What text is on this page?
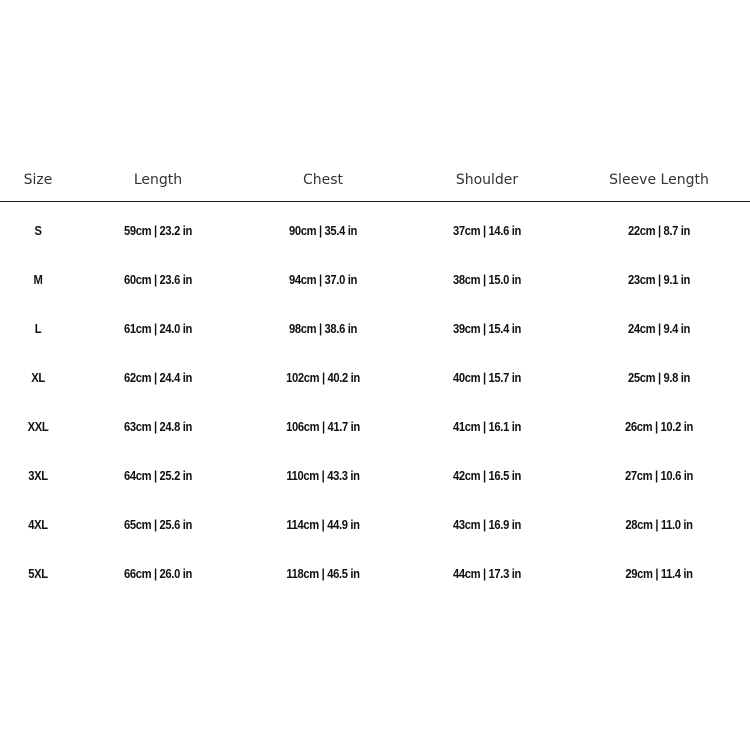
Size	Length	Chest	Shoulder	Sleeve Length
S	59cm | 23.2 in	90cm | 35.4 in	37cm | 14.6 in	22cm | 8.7 in
M	60cm | 23.6 in	94cm | 37.0 in	38cm | 15.0 in	23cm | 9.1 in
L	61cm | 24.0 in	98cm | 38.6 in	39cm | 15.4 in	24cm | 9.4 in
XL	62cm | 24.4 in	102cm | 40.2 in	40cm | 15.7 in	25cm | 9.8 in
XXL	63cm | 24.8 in	106cm | 41.7 in	41cm | 16.1 in	26cm | 10.2 in
3XL	64cm | 25.2 in	110cm | 43.3 in	42cm | 16.5 in	27cm | 10.6 in
4XL	65cm | 25.6 in	114cm | 44.9 in	43cm | 16.9 in	28cm | 11.0 in
5XL	66cm | 26.0 in	118cm | 46.5 in	44cm | 17.3 in	29cm | 11.4 in
